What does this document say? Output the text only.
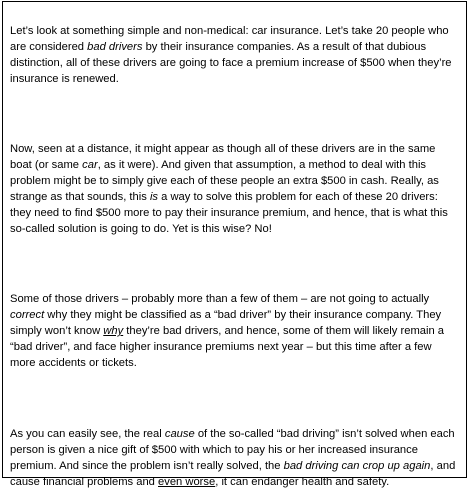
Let’s look at something simple and non-medical: car insurance. Let’s take 20 people who are considered bad drivers by their insurance companies. As a result of that dubious distinction, all of these drivers are going to face a premium increase of $500 when they’re insurance is renewed.

Now, seen at a distance, it might appear as though all of these drivers are in the same boat (or same car, as it were). And given that assumption, a method to deal with this problem might be to simply give each of these people an extra $500 in cash. Really, as strange as that sounds, this is a way to solve this problem for each of these 20 drivers: they need to find $500 more to pay their insurance premium, and hence, that is what this so-called solution is going to do. Yet is this wise? No!

Some of those drivers – probably more than a few of them – are not going to actually correct why they might be classified as a “bad driver” by their insurance company. They simply won’t know why they’re bad drivers, and hence, some of them will likely remain a “bad driver”, and face higher insurance premiums next year – but this time after a few more accidents or tickets.

As you can easily see, the real cause of the so-called “bad driving” isn’t solved when each person is given a nice gift of $500 with which to pay his or her increased insurance premium. And since the problem isn’t really solved, the bad driving can crop up again, and cause financial problems and even worse, it can endanger health and safety.
